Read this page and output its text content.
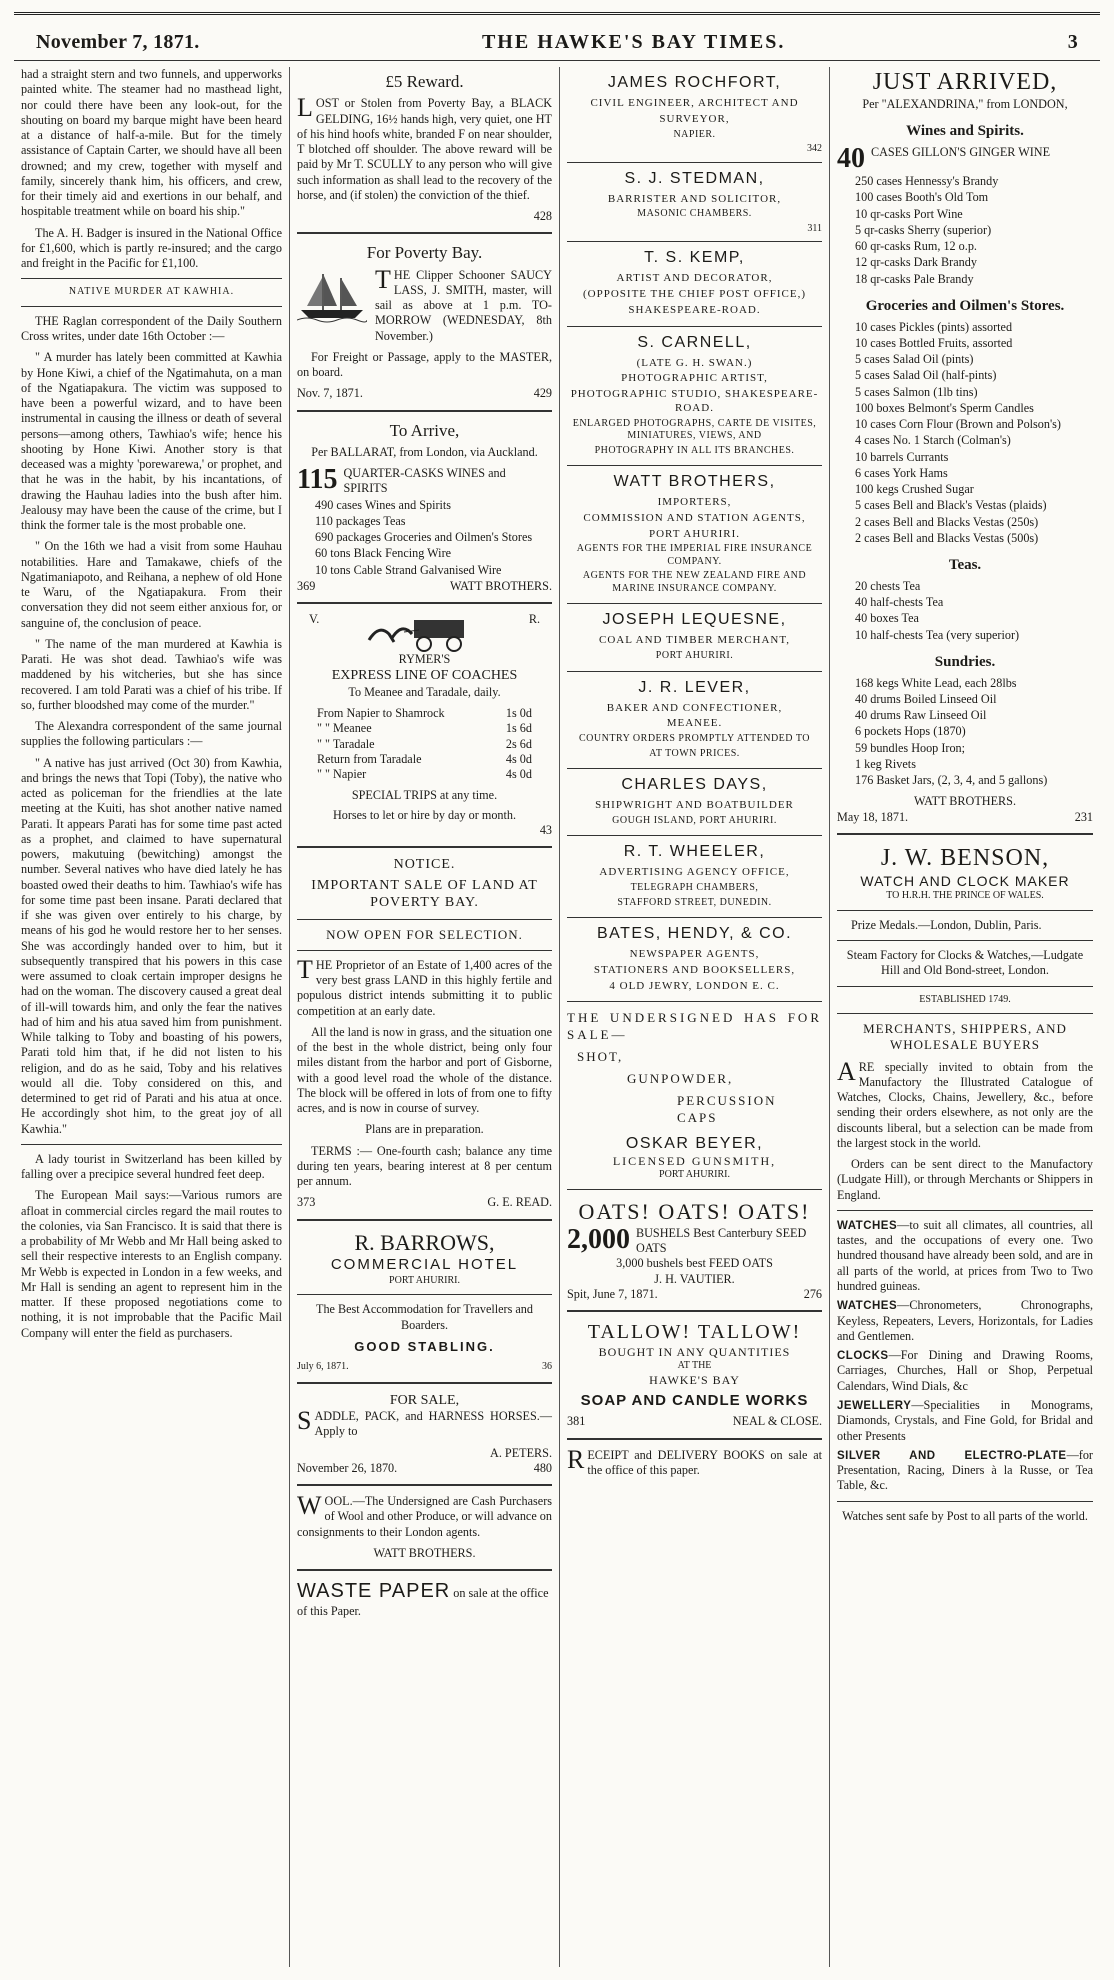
November 7, 1871.	THE HAWKE'S BAY TIMES.	3

had a straight stern and two funnels, and upperworks painted white. The steamer had no masthead light, nor could there have been any look-out, for the shouting on board my barque might have been heard at a distance of half-a-mile. But for the timely assistance of Captain Carter, we should have all been drowned; and my crew, together with myself and family, sincerely thank him, his officers, and crew, for their timely aid and exertions in our behalf, and hospitable treatment while on board his ship."

The A. H. Badger is insured in the National Office for £1,600, which is partly re-insured; and the cargo and freight in the Pacific for £1,100.

NATIVE MURDER AT KAWHIA.

THE Raglan correspondent of the Daily Southern Cross writes, under date 16th October :—

" A murder has lately been committed at Kawhia by Hone Kiwi, a chief of the Ngatimahuta, on a man of the Ngatiapakura. The victim was supposed to have been a powerful wizard, and to have been instrumental in causing the illness or death of several persons—among others, Tawhiao's wife; hence his shooting by Hone Kiwi. Another story is that deceased was a mighty 'porewarewa,' or prophet, and that he was in the habit, by his incantations, of drawing the Hauhau ladies into the bush after him. Jealousy may have been the cause of the crime, but I think the former tale is the most probable one.

" On the 16th we had a visit from some Hauhau notabilities. Hare and Tamakawe, chiefs of the Ngatimaniapoto, and Reihana, a nephew of old Hone te Waru, of the Ngatiapakura. From their conversation they did not seem either anxious for, or sanguine of, the conclusion of peace.

" The name of the man murdered at Kawhia is Parati. He was shot dead. Tawhiao's wife was maddened by his witcheries, but she has since recovered. I am told Parati was a chief of his tribe. If so, further bloodshed may come of the murder."

The Alexandra correspondent of the same journal supplies the following particulars :—

" A native has just arrived (Oct 30) from Kawhia, and brings the news that Topi (Toby), the native who acted as policeman for the friendlies at the late meeting at the Kuiti, has shot another native named Parati. It appears Parati has for some time past acted as a prophet, and claimed to have supernatural powers, makutuing (bewitching) amongst the number. Several natives who have died lately he has boasted owed their deaths to him. Tawhiao's wife has for some time past been insane. Parati declared that if she was given over entirely to his charge, by means of his god he would restore her to her senses. She was accordingly handed over to him, but it subsequently transpired that his powers in this case were assumed to cloak certain improper designs he had on the woman. The discovery caused a great deal of ill-will towards him, and only the fear the natives had of him and his atua saved him from punishment. While talking to Toby and boasting of his powers, Parati told him that, if he did not listen to his religion, and do as he said, Toby and his relatives would all die. Toby considered on this, and determined to get rid of Parati and his atua at once. He accordingly shot him, to the great joy of all Kawhia."

A lady tourist in Switzerland has been killed by falling over a precipice several hundred feet deep.

The European Mail says:—Various rumors are afloat in commercial circles regard the mail routes to the colonies, via San Francisco. It is said that there is a probability of Mr Webb and Mr Hall being asked to sell their respective interests to an English company. Mr Webb is expected in London in a few weeks, and Mr Hall is sending an agent to represent him in the matter. If these proposed negotiations come to nothing, it is not improbable that the Pacific Mail Company will enter the field as purchasers.

£5 Reward.

LOST or Stolen from Poverty Bay, a BLACK GELDING, 16½ hands high, very quiet, one HT of his hind hoofs white, branded F on near shoulder, T blotched off shoulder. The above reward will be paid by Mr T. SCULLY to any person who will give such information as shall lead to the recovery of the horse, and (if stolen) the conviction of the thief.

428
For Poverty Bay.

THE Clipper Schooner SAUCY LASS, J. SMITH, master, will sail as above at 1 p.m. TO-MORROW (WEDNESDAY, 8th November.)

For Freight or Passage, apply to the MASTER, on board.

Nov. 7, 1871.	429
To Arrive,

Per BALLARAT, from London, via Auckland.

115 QUARTER-CASKS WINES and SPIRITS
490 cases Wines and Spirits
110 packages Teas
690 packages Groceries and Oilmen's Stores
60 tons Black Fencing Wire
10 tons Cable Strand Galvanised Wire
369	WATT BROTHERS.
V.	R.
RYMER'S
EXPRESS LINE OF COACHES
To Meanee and Taradale, daily.
From Napier to Shamrock	1s 0d
" " Meanee	1s 6d
" " Taradale	2s 6d
Return from Taradale	4s 0d
" " Napier	4s 0d
SPECIAL TRIPS at any time.
Horses to let or hire by day or month.
43
NOTICE.
IMPORTANT SALE OF LAND AT POVERTY BAY.
NOW OPEN FOR SELECTION.

THE Proprietor of an Estate of 1,400 acres of the very best grass LAND in this highly fertile and populous district intends submitting it to public competition at an early date.

All the land is now in grass, and the situation one of the best in the whole district, being only four miles distant from the harbor and port of Gisborne, with a good level road the whole of the distance. The block will be offered in lots of from one to fifty acres, and is now in course of survey.

Plans are in preparation.

TERMS :— One-fourth cash; balance any time during ten years, bearing interest at 8 per centum per annum.

373	G. E. READ.
R. BARROWS,
COMMERCIAL HOTEL
PORT AHURIRI.

The Best Accommodation for Travellers and Boarders.

GOOD STABLING.

July 6, 1871.	36
FOR SALE,

SADDLE, PACK, and HARNESS HORSES.—Apply to

A. PETERS.
November 26, 1870.	480

WOOL.—The Undersigned are Cash Purchasers of Wool and other Produce, or will advance on consignments to their London agents.

WATT BROTHERS.
WASTE PAPER on sale at the office of this Paper.
JAMES ROCHFORT,
CIVIL ENGINEER, ARCHITECT AND
SURVEYOR,
NAPIER.
342
S. J. STEDMAN,
BARRISTER AND SOLICITOR,
MASONIC CHAMBERS.
311
T. S. KEMP,
ARTIST AND DECORATOR,
(OPPOSITE THE CHIEF POST OFFICE,)
SHAKESPEARE-ROAD.
S. CARNELL,
(LATE G. H. SWAN.)
PHOTOGRAPHIC ARTIST,
PHOTOGRAPHIC STUDIO, SHAKESPEARE-ROAD.
ENLARGED PHOTOGRAPHS, CARTE DE VISITES, MINIATURES, VIEWS, AND
PHOTOGRAPHY IN ALL ITS BRANCHES.
WATT BROTHERS,
IMPORTERS,
COMMISSION AND STATION AGENTS,
PORT AHURIRI.
AGENTS FOR THE IMPERIAL FIRE INSURANCE COMPANY.
AGENTS FOR THE NEW ZEALAND FIRE AND MARINE INSURANCE COMPANY.
JOSEPH LEQUESNE,
COAL AND TIMBER MERCHANT,
PORT AHURIRI.
J. R. LEVER,
BAKER AND CONFECTIONER,
MEANEE.
COUNTRY ORDERS PROMPTLY ATTENDED TO
AT TOWN PRICES.
CHARLES DAYS,
SHIPWRIGHT AND BOATBUILDER
GOUGH ISLAND, PORT AHURIRI.
R. T. WHEELER,
ADVERTISING AGENCY OFFICE,
TELEGRAPH CHAMBERS,
STAFFORD STREET, DUNEDIN.
BATES, HENDY, & CO.
NEWSPAPER AGENTS,
STATIONERS AND BOOKSELLERS,
4 OLD JEWRY, LONDON E. C.

THE UNDERSIGNED HAS FOR SALE—

SHOT,
GUNPOWDER,
PERCUSSION CAPS
OSKAR BEYER,
LICENSED GUNSMITH,
PORT AHURIRI.
OATS! OATS! OATS!
2,000 BUSHELS Best Canterbury SEED OATS
3,000 bushels best FEED OATS
J. H. VAUTIER.
Spit, June 7, 1871.	276
TALLOW! TALLOW!
BOUGHT IN ANY QUANTITIES
AT THE
HAWKE'S BAY
SOAP AND CANDLE WORKS
381	NEAL & CLOSE.

RECEIPT and DELIVERY BOOKS on sale at the office of this paper.

JUST ARRIVED,
Per "ALEXANDRINA," from LONDON,
Wines and Spirits.
40 CASES GILLON'S GINGER WINE
250 cases Hennessy's Brandy
100 cases Booth's Old Tom
10 qr-casks Port Wine
5 qr-casks Sherry (superior)
60 qr-casks Rum, 12 o.p.
12 qr-casks Dark Brandy
18 qr-casks Pale Brandy
Groceries and Oilmen's Stores.
10 cases Pickles (pints) assorted
10 cases Bottled Fruits, assorted
5 cases Salad Oil (pints)
5 cases Salad Oil (half-pints)
5 cases Salmon (1lb tins)
100 boxes Belmont's Sperm Candles
10 cases Corn Flour (Brown and Polson's)
4 cases No. 1 Starch (Colman's)
10 barrels Currants
6 cases York Hams
100 kegs Crushed Sugar
5 cases Bell and Black's Vestas (plaids)
2 cases Bell and Blacks Vestas (250s)
2 cases Bell and Blacks Vestas (500s)
Teas.
20 chests Tea
40 half-chests Tea
40 boxes Tea
10 half-chests Tea (very superior)
Sundries.
168 kegs White Lead, each 28lbs
40 drums Boiled Linseed Oil
40 drums Raw Linseed Oil
6 pockets Hops (1870)
59 bundles Hoop Iron;
1 keg Rivets
176 Basket Jars, (2, 3, 4, and 5 gallons)
WATT BROTHERS.
May 18, 1871.	231
J. W. BENSON,
WATCH AND CLOCK MAKER
TO H.R.H. THE PRINCE OF WALES.

Prize Medals.—London, Dublin, Paris.

Steam Factory for Clocks & Watches,—Ludgate Hill and Old Bond-street, London.

ESTABLISHED 1749.

MERCHANTS, SHIPPERS, AND WHOLESALE BUYERS

ARE specially invited to obtain from the Manufactory the Illustrated Catalogue of Watches, Clocks, Chains, Jewellery, &c., before sending their orders elsewhere, as not only are the discounts liberal, but a selection can be made from the largest stock in the world.

Orders can be sent direct to the Manufactory (Ludgate Hill), or through Merchants or Shippers in England.

WATCHES—to suit all climates, all countries, all tastes, and the occupations of every one. Two hundred thousand have already been sold, and are in all parts of the world, at prices from Two to Two hundred guineas.
WATCHES—Chronometers, Chronographs, Keyless, Repeaters, Levers, Horizontals, for Ladies and Gentlemen.
CLOCKS—For Dining and Drawing Rooms, Carriages, Churches, Hall or Shop, Perpetual Calendars, Wind Dials, &c
JEWELLERY—Specialities in Monograms, Diamonds, Crystals, and Fine Gold, for Bridal and other Presents
SILVER AND ELECTRO-PLATE—for Presentation, Racing, Diners à la Russe, or Tea Table, &c.

Watches sent safe by Post to all parts of the world.
